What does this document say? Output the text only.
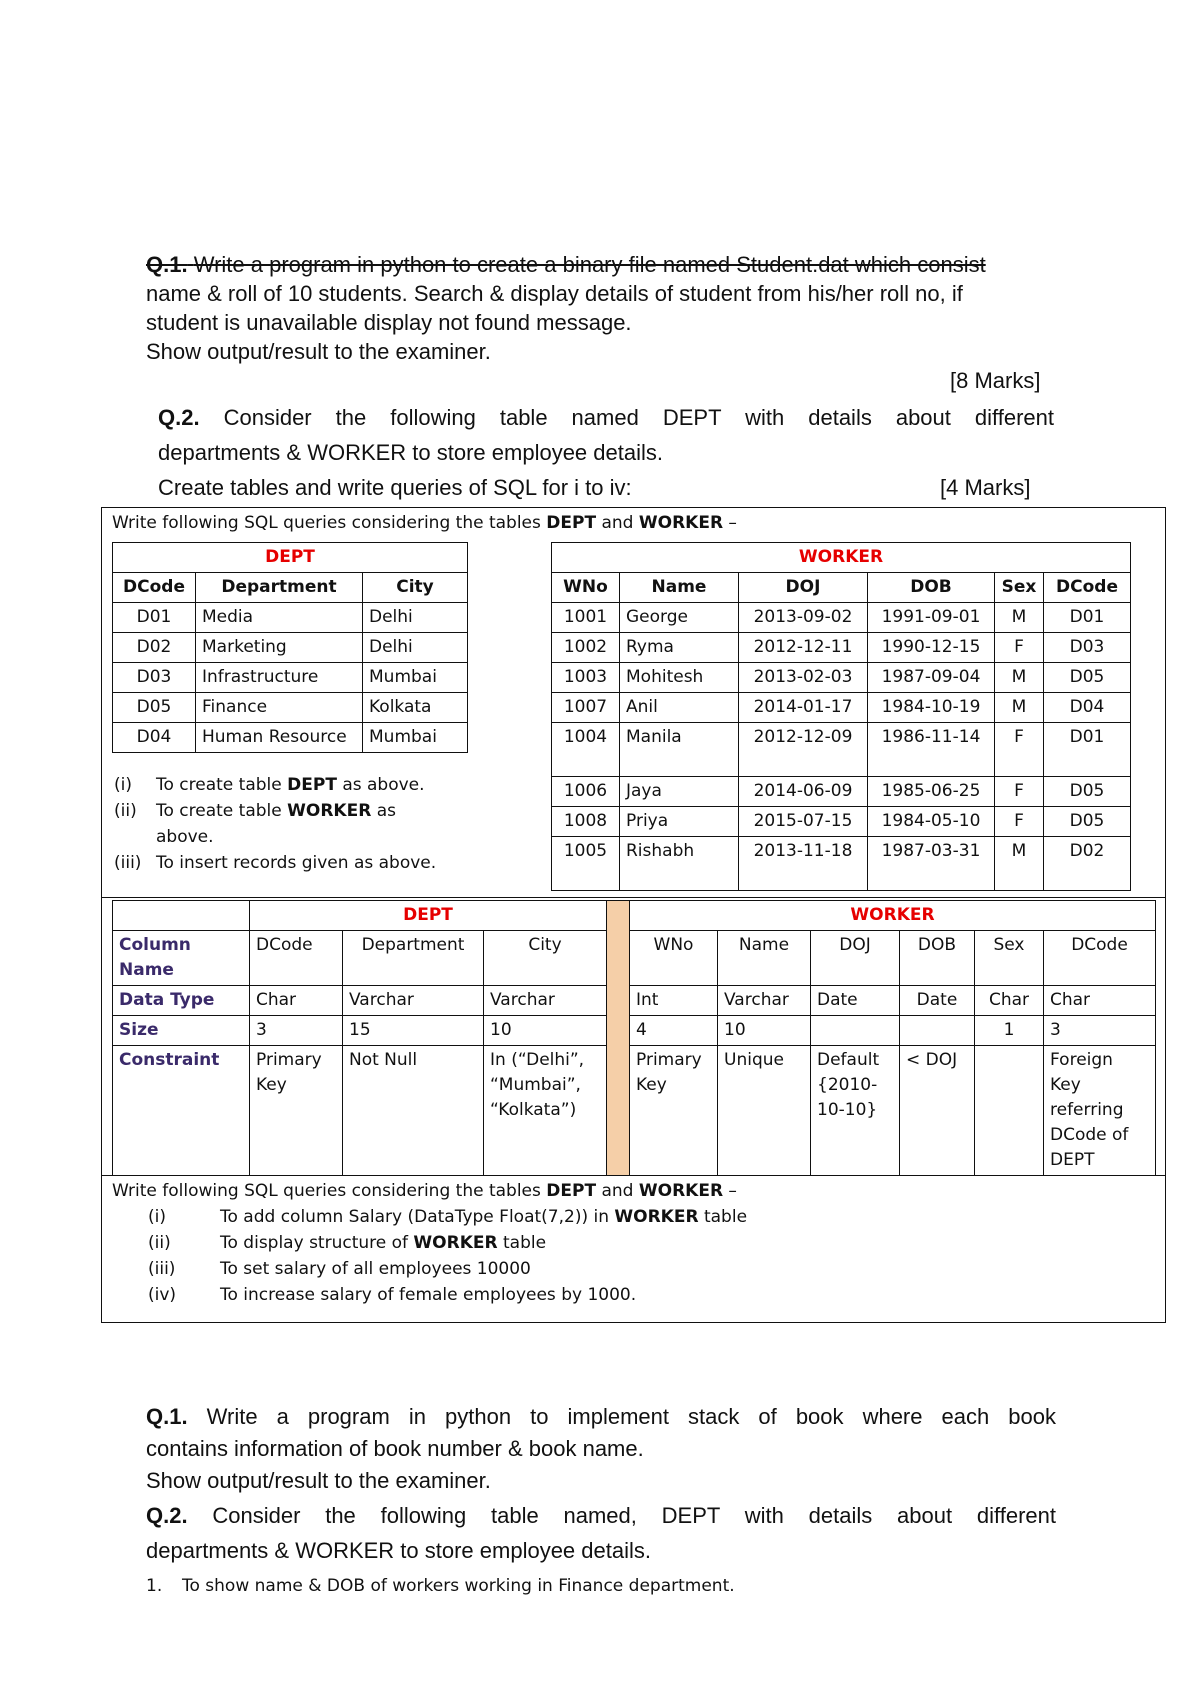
Q.1. Write a program in python to create a binary file named Student.dat which consist
name & roll of 10 students. Search & display details of student from his/her roll no, if
student is unavailable display not found message.
Show output/result to the examiner.
[8 Marks]
Q.2. Consider the following table named DEPT with details about different
departments & WORKER to store employee details.
Create tables and write queries of SQL for i to iv:	[4 Marks]
Write following SQL queries considering the tables DEPT and WORKER –
DEPT		
DCode	Department	City
D01	Media	Delhi
D02	Marketing	Delhi
D03	Infrastructure	Mumbai
D05	Finance	Kolkata
D04	Human Resource	Mumbai
(i) To create table DEPT as above.
(ii) To create table WORKER as
above.
(iii) To insert records given as above.
WORKER					
WNo	Name	DOJ	DOB	Sex	DCode
1001	George	2013-09-02	1991-09-01	M	D01
1002	Ryma	2012-12-11	1990-12-15	F	D03
1003	Mohitesh	2013-02-03	1987-09-04	M	D05
1007	Anil	2014-01-17	1984-10-19	M	D04
1004	Manila	2012-12-09	1986-11-14	F	D01
1006	Jaya	2014-06-09	1985-06-25	F	D05
1008	Priya	2015-07-15	1984-05-10	F	D05
1005	Rishabh	2013-11-18	1987-03-31	M	D02
	DEPT				WORKER					
Column Name	DCode	Department	City		WNo	Name	DOJ	DOB	Sex	DCode
Data Type	Char	Varchar	Varchar		Int	Varchar	Date	Date	Char	Char
Size	3	15	10		4	10			1	3
Constraint	Primary Key	Not Null	In (“Delhi”, “Mumbai”, “Kolkata”)		Primary Key	Unique	Default {2010-10-10}	< DOJ		Foreign Key referring DCode of DEPT
Write following SQL queries considering the tables DEPT and WORKER –
(i)	To add column Salary (DataType Float(7,2)) in WORKER table
(ii)	To display structure of WORKER table
(iii)	To set salary of all employees 10000
(iv)	To increase salary of female employees by 1000.
Q.1. Write a program in python to implement stack of book where each book
contains information of book number & book name.
Show output/result to the examiner.
Q.2. Consider the following table named, DEPT with details about different
departments & WORKER to store employee details.
1. To show name & DOB of workers working in Finance department.
